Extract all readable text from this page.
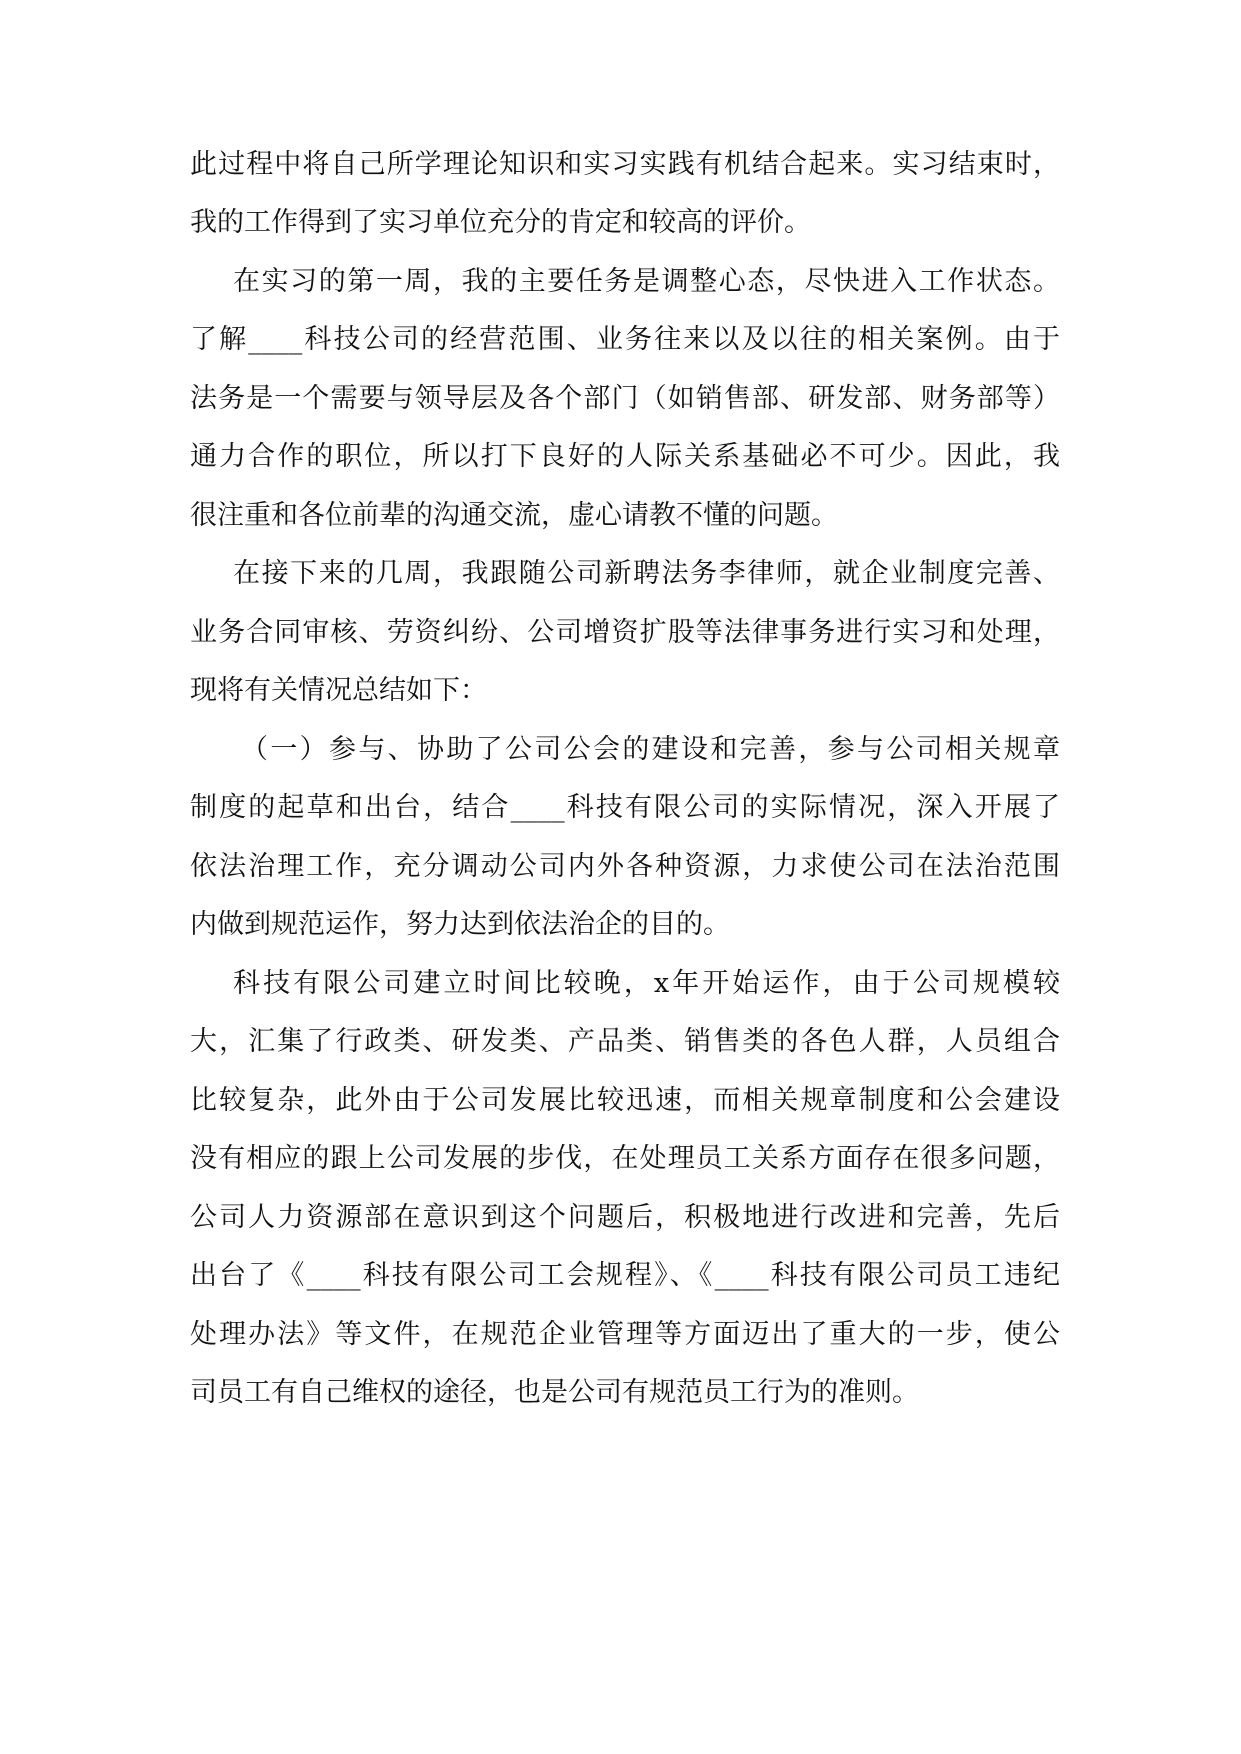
此过程中将自己所学理论知识和实习实践有机结合起来。实习结束时，
我的工作得到了实习单位充分的肯定和较高的评价。
在实习的第一周，我的主要任务是调整心态，尽快进入工作状态。
了解____科技公司的经营范围、业务往来以及以往的相关案例。由于
法务是一个需要与领导层及各个部门（如销售部、研发部、财务部等）
通力合作的职位，所以打下良好的人际关系基础必不可少。因此，我
很注重和各位前辈的沟通交流，虚心请教不懂的问题。
在接下来的几周，我跟随公司新聘法务李律师，就企业制度完善、
业务合同审核、劳资纠纷、公司增资扩股等法律事务进行实习和处理，
现将有关情况总结如下：
（一）参与、协助了公司公会的建设和完善，参与公司相关规章
制度的起草和出台，结合____科技有限公司的实际情况，深入开展了
依法治理工作，充分调动公司内外各种资源，力求使公司在法治范围
内做到规范运作，努力达到依法治企的目的。
科技有限公司建立时间比较晚，x年开始运作，由于公司规模较
大，汇集了行政类、研发类、产品类、销售类的各色人群，人员组合
比较复杂，此外由于公司发展比较迅速，而相关规章制度和公会建设
没有相应的跟上公司发展的步伐，在处理员工关系方面存在很多问题，
公司人力资源部在意识到这个问题后，积极地进行改进和完善，先后
出台了《____科技有限公司工会规程》、《____科技有限公司员工违纪
处理办法》等文件，在规范企业管理等方面迈出了重大的一步，使公
司员工有自己维权的途径，也是公司有规范员工行为的准则。
